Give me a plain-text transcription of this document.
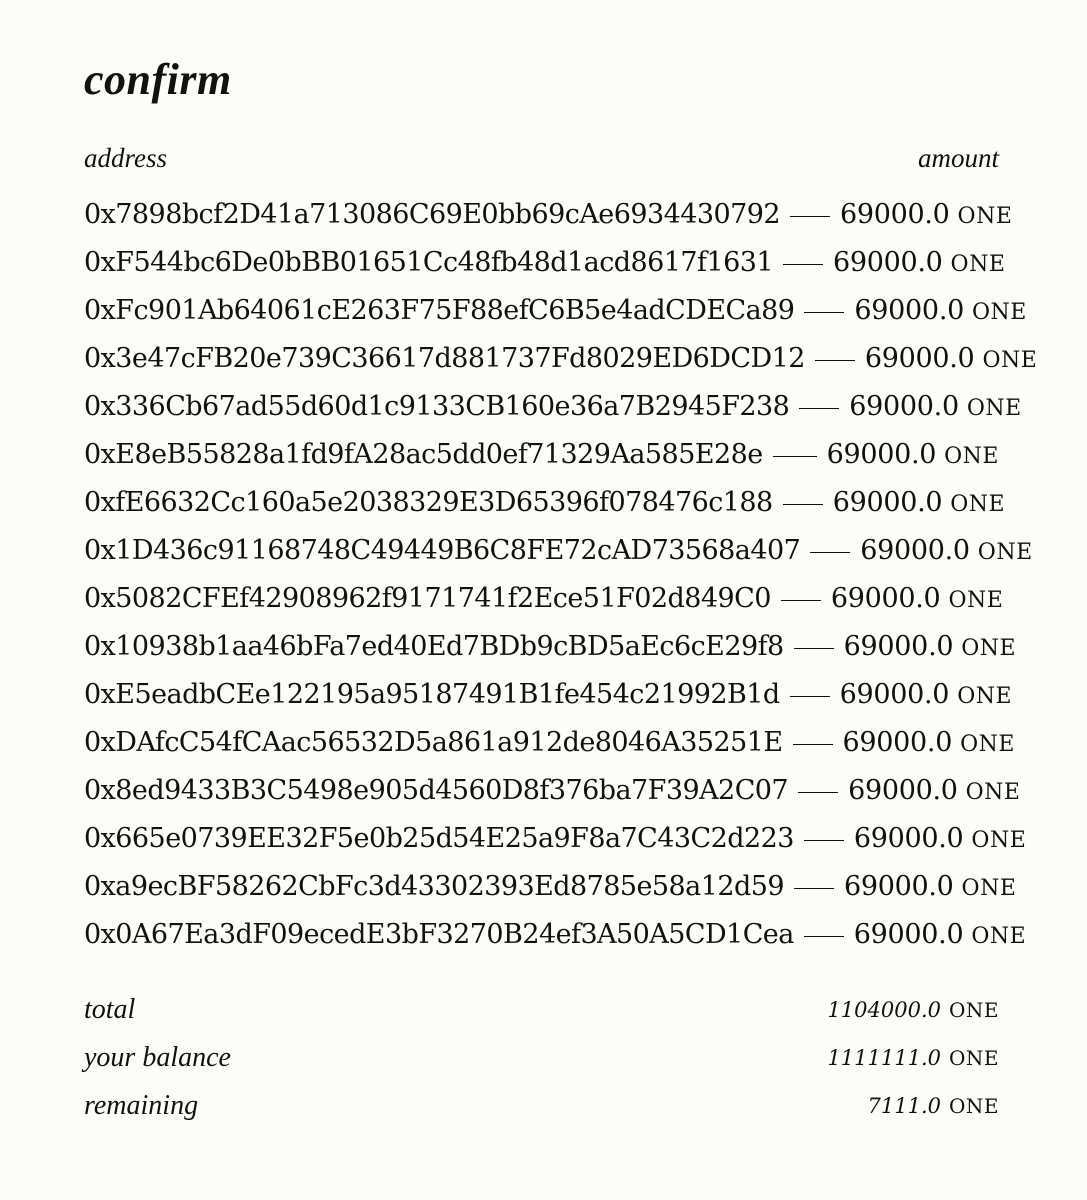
confirm
address	amount
0x7898bcf2D41a713086C69E0bb69cAe6934430792 69000.0 ONE
0xF544bc6De0bBB01651Cc48fb48d1acd8617f1631 69000.0 ONE
0xFc901Ab64061cE263F75F88efC6B5e4adCDECa89 69000.0 ONE
0x3e47cFB20e739C36617d881737Fd8029ED6DCD12 69000.0 ONE
0x336Cb67ad55d60d1c9133CB160e36a7B2945F238 69000.0 ONE
0xE8eB55828a1fd9fA28ac5dd0ef71329Aa585E28e 69000.0 ONE
0xfE6632Cc160a5e2038329E3D65396f078476c188 69000.0 ONE
0x1D436c91168748C49449B6C8FE72cAD73568a407 69000.0 ONE
0x5082CFEf42908962f9171741f2Ece51F02d849C0 69000.0 ONE
0x10938b1aa46bFa7ed40Ed7BDb9cBD5aEc6cE29f8 69000.0 ONE
0xE5eadbCEe122195a95187491B1fe454c21992B1d 69000.0 ONE
0xDAfcC54fCAac56532D5a861a912de8046A35251E 69000.0 ONE
0x8ed9433B3C5498e905d4560D8f376ba7F39A2C07 69000.0 ONE
0x665e0739EE32F5e0b25d54E25a9F8a7C43C2d223 69000.0 ONE
0xa9ecBF58262CbFc3d43302393Ed8785e58a12d59 69000.0 ONE
0x0A67Ea3dF09ecedE3bF3270B24ef3A50A5CD1Cea 69000.0 ONE
total	1104000.0 ONE
your balance	1111111.0 ONE
remaining	7111.0 ONE
